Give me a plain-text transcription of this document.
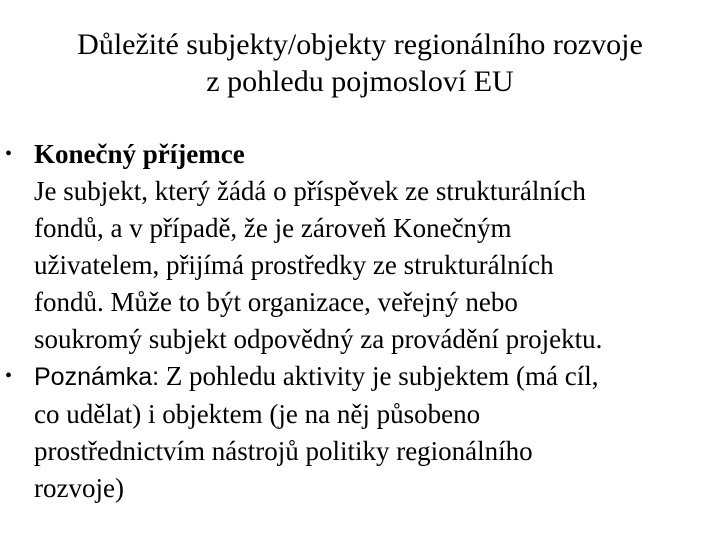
Důležité subjekty/objekty regionálního rozvoje
z pohledu pojmosloví EU
• Konečný příjemce
Je subjekt, který žádá o příspěvek ze strukturálních
fondů, a v případě, že je zároveň Konečným
uživatelem, přijímá prostředky ze strukturálních
fondů. Může to být organizace, veřejný nebo
soukromý subjekt odpovědný za provádění projektu.
• Poznámka: Z pohledu aktivity je subjektem (má cíl,
co udělat) i objektem (je na něj působeno
prostřednictvím nástrojů politiky regionálního
rozvoje)
